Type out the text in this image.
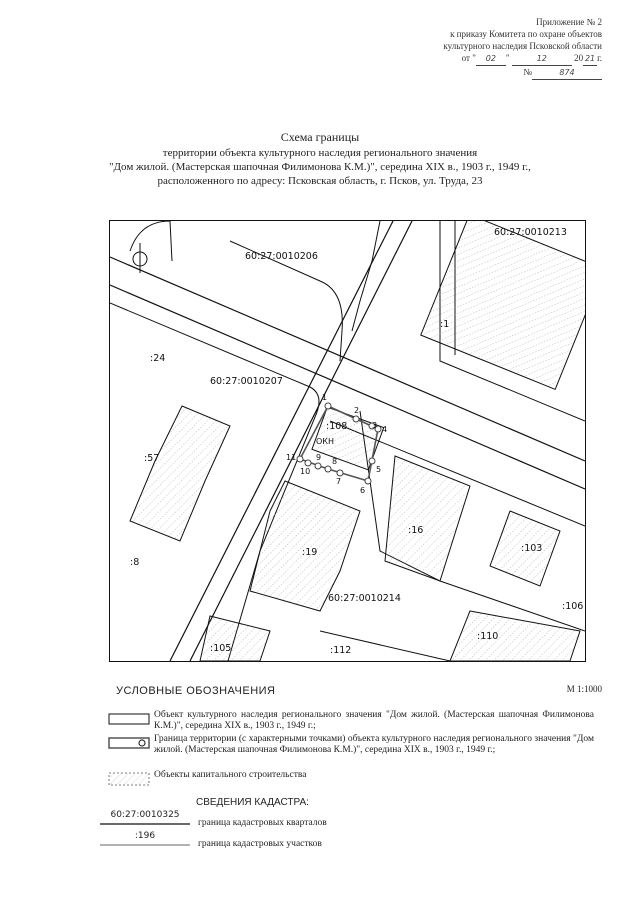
Приложение № 2
к приказу Комитета по охране объектов
культурного наследия Псковской области
от " 02 "	12	20 21 г.
№	874
Схема границы
территории объекта культурного наследия регионального значения
"Дом жилой. (Мастерская шапочная Филимонова К.М.)", середина XIX в., 1903 г., 1949 г.,
расположенного по адресу: Псковская область, г. Псков, ул. Труда, 23
60:27:0010213
60:27:0010206
60:27:0010207
60:27:0010214
:1
:24
:57
:8
:108
:19
:16
:103
:106
:110
:105	:112
ОКН
1
2
3 4
5
6
7
8
9
10
11
УСЛОВНЫЕ ОБОЗНАЧЕНИЯ	М 1:1000
Объект культурного наследия регионального значения "Дом жилой. (Мастерская шапочная Филимонова К.М.)", середина XIX в., 1903 г., 1949 г.;
Граница территории (с характерными точками) объекта культурного наследия регионального значения "Дом жилой. (Мастерская шапочная Филимонова К.М.)", середина XIX в., 1903 г., 1949 г.;
Объекты капитального строительства
СВЕДЕНИЯ КАДАСТРА:
60:27:0010325
граница кадастровых кварталов
:196
граница кадастровых участков
